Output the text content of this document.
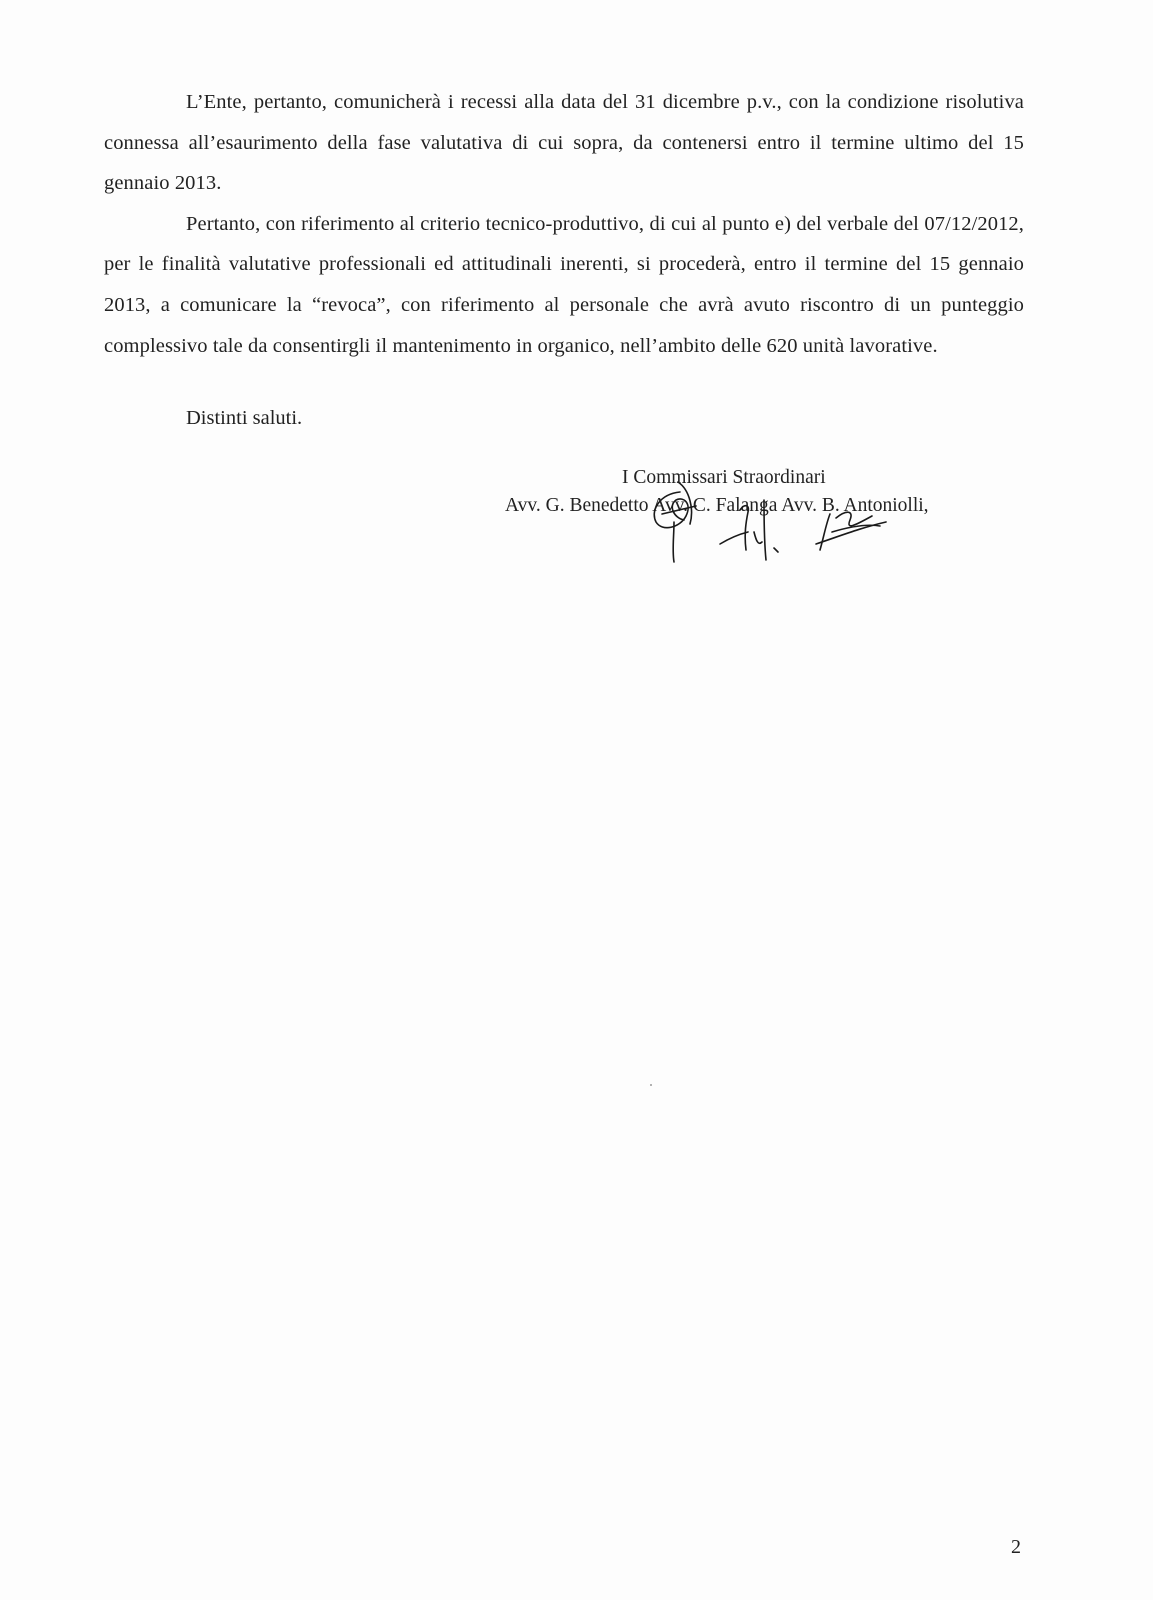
L’Ente, pertanto, comunicherà i recessi alla data del 31 dicembre p.v., con la condizione risolutiva connessa all’esaurimento della fase valutativa di cui sopra, da contenersi entro il termine ultimo del 15 gennaio 2013.

Pertanto, con riferimento al criterio tecnico-produttivo, di cui al punto e) del verbale del 07/12/2012, per le finalità valutative professionali ed attitudinali inerenti, si procederà, entro il termine del 15 gennaio 2013, a comunicare la “revoca”, con riferimento al personale che avrà avuto riscontro di un punteggio complessivo tale da consentirgli il mantenimento in organico, nell’ambito delle 620 unità lavorative.

Distinti saluti.
I Commissari Straordinari
Avv. G. Benedetto Avv. C. Falanga Avv. B. Antoniolli,
2
